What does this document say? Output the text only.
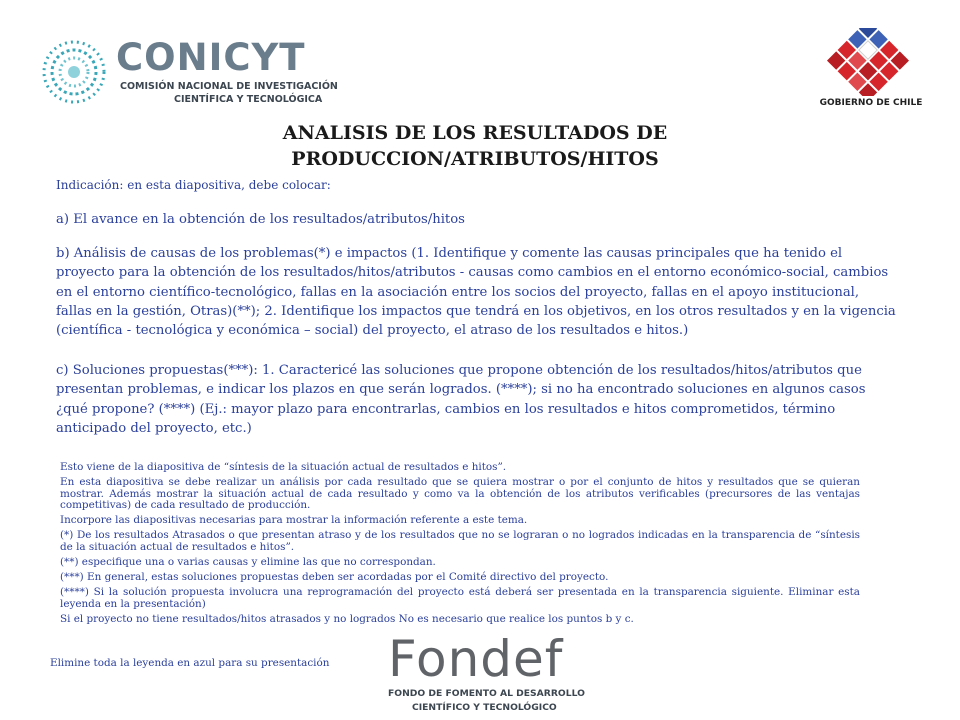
CONICYT
COMISIÓN NACIONAL DE INVESTIGACIÓN
CIENTÍFICA Y TECNOLÓGICA	GOBIERNO DE CHILE
ANALISIS DE LOS RESULTADOS DE
PRODUCCION/ATRIBUTOS/HITOS
Indicación: en esta diapositiva, debe colocar:
a) El avance en la obtención de los resultados/atributos/hitos
b) Análisis de causas de los problemas(*) e impactos (1. Identifique y comente las causas principales que ha tenido el proyecto para la obtención de los resultados/hitos/atributos - causas como cambios en el entorno económico-social, cambios en el entorno científico-tecnológico, fallas en la asociación entre los socios del proyecto, fallas en el apoyo institucional, fallas en la gestión, Otras)(**); 2. Identifique los impactos que tendrá en los objetivos, en los otros resultados y en la vigencia (científica - tecnológica y económica – social) del proyecto, el atraso de los resultados e hitos.)
c) Soluciones propuestas(***): 1. Caractericé las soluciones que propone obtención de los resultados/hitos/atributos que presentan problemas, e indicar los plazos en que serán logrados. (****); si no ha encontrado soluciones en algunos casos ¿qué propone? (****) (Ej.: mayor plazo para encontrarlas, cambios en los resultados e hitos comprometidos, término anticipado del proyecto, etc.)
Esto viene de la diapositiva de “síntesis de la situación actual de resultados e hitos”.
En esta diapositiva se debe realizar un análisis por cada resultado que se quiera mostrar o por el conjunto de hitos y resultados que se quieran mostrar. Además mostrar la situación actual de cada resultado y como va la obtención de los atributos verificables (precursores de las ventajas competitivas) de cada resultado de producción.
Incorpore las diapositivas necesarias para mostrar la información referente a este tema.
(*) De los resultados Atrasados o que presentan atraso y de los resultados que no se lograran o no logrados indicadas en la transparencia de “síntesis de la situación actual de resultados e hitos”.
(**) especifique una o varias causas y elimine las que no correspondan.
(***) En general, estas soluciones propuestas deben ser acordadas por el Comité directivo del proyecto.
(****) Si la solución propuesta involucra una reprogramación del proyecto está deberá ser presentada en la transparencia siguiente. Eliminar esta leyenda en la presentación)
Si el proyecto no tiene resultados/hitos atrasados y no logrados No es necesario que realice los puntos b y c.
Elimine toda la leyenda en azul para su presentación Fondef
FONDO DE FOMENTO AL DESARROLLO
CIENTÍFICO Y TECNOLÓGICO
